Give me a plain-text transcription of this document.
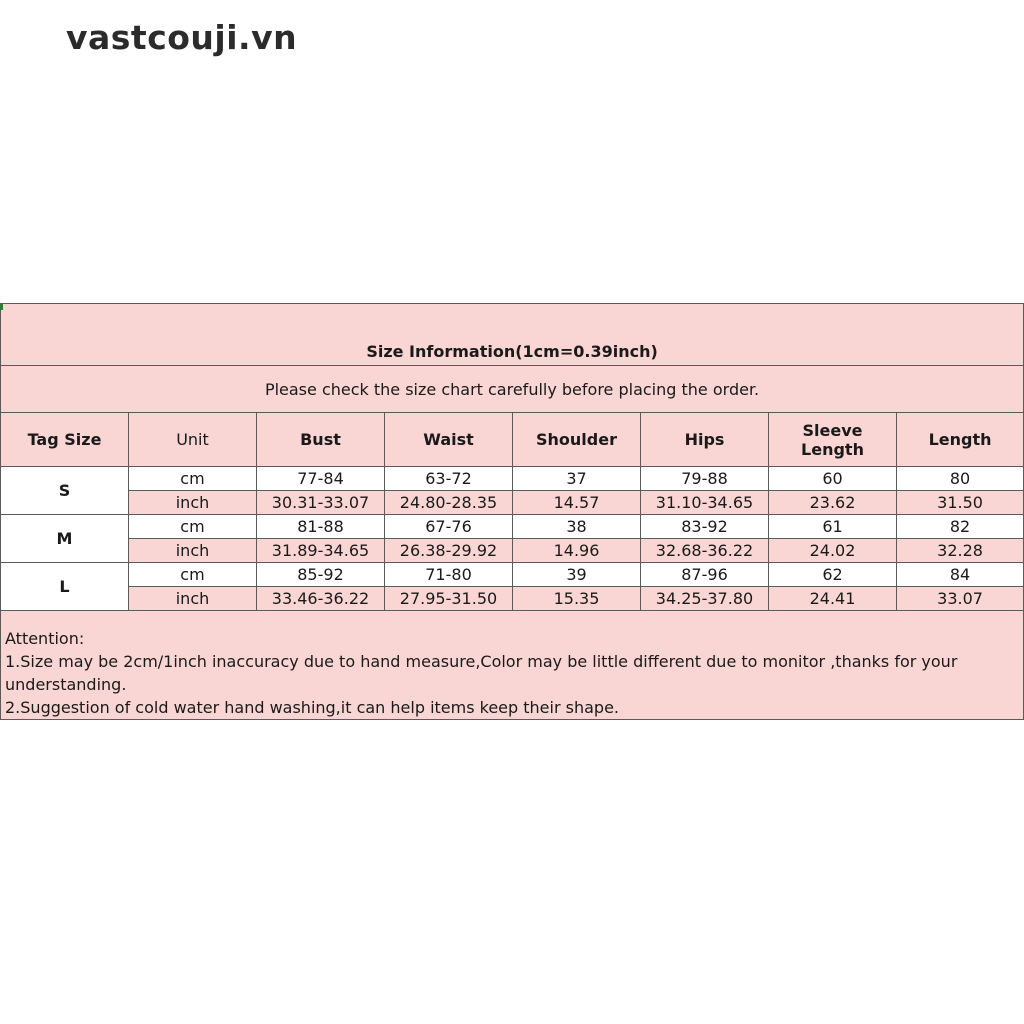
vastcouji.vn
Size Information(1cm=0.39inch)							
Please check the size chart carefully before placing the order.							
Tag Size	Unit	Bust	Waist	Shoulder	Hips	Sleeve Length	Length
S	cm	77-84	63-72	37	79-88	60	80
	inch	30.31-33.07	24.80-28.35	14.57	31.10-34.65	23.62	31.50
M	cm	81-88	67-76	38	83-92	61	82
	inch	31.89-34.65	26.38-29.92	14.96	32.68-36.22	24.02	32.28
L	cm	85-92	71-80	39	87-96	62	84
	inch	33.46-36.22	27.95-31.50	15.35	34.25-37.80	24.41	33.07

Attention:
1.Size may be 2cm/1inch inaccuracy due to hand measure,Color may be little different due to monitor ,thanks for your understanding.
2.Suggestion of cold water hand washing,it can help items keep their shape.							
